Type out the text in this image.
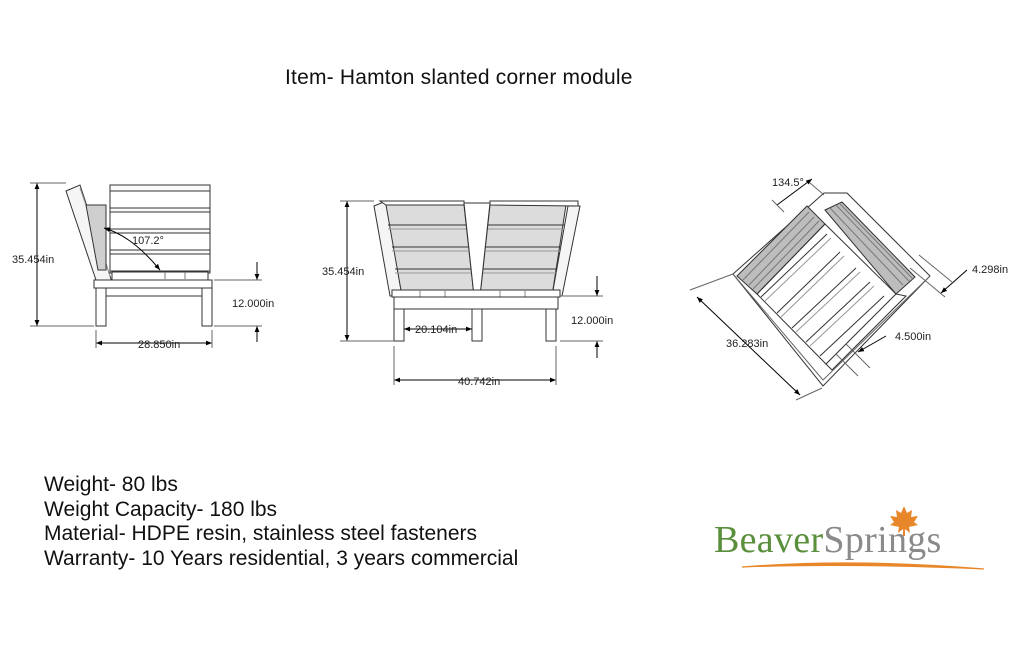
Item- Hamton slanted corner module
35.454in
107.2°
12.000in
28.850in
35.454in
20.104in
12.000in
40.742in
134.5°
4.298in
36.283in
4.500in
Weight- 80 lbs
Weight Capacity- 180 lbs
Material- HDPE resin, stainless steel fasteners
Warranty- 10 Years residential, 3 years commercial	BeaverSprings
